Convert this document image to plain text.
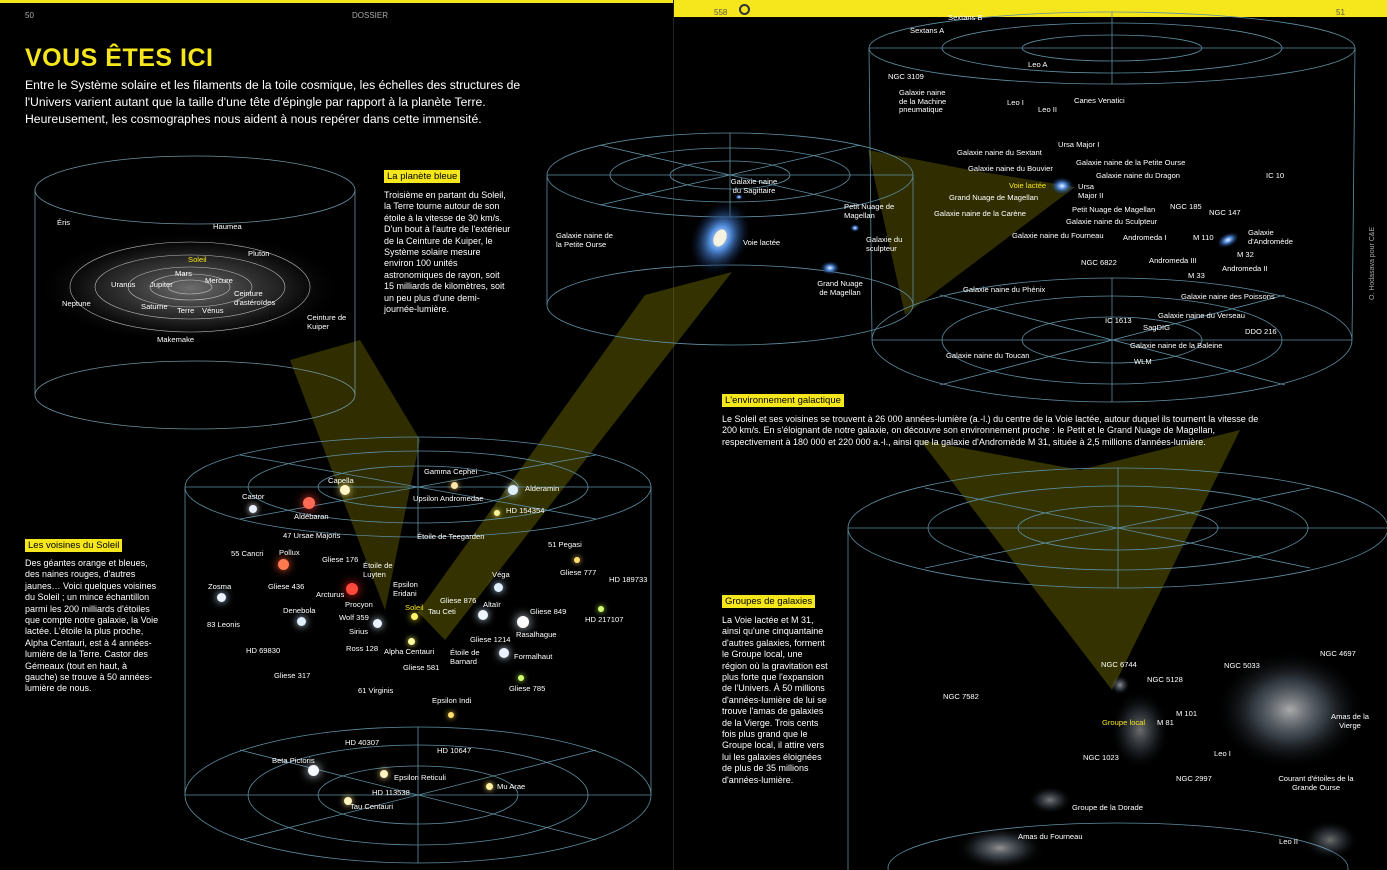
50	DOSSIER	558	51
VOUS ÊTES ICI
Entre le Système solaire et les filaments de la toile cosmique, les échelles des structures de l'Univers varient autant que la taille d'une tête d'épingle par rapport à la planète Terre. Heureusement, les cosmographes nous aident à nous repérer dans cette immensité.
La planète bleue
Troisième en partant du Soleil, la Terre tourne autour de son étoile à la vitesse de 30 km/s. D'un bout à l'autre de l'extérieur de la Ceinture de Kuiper, le Système solaire mesure environ 100 unités astronomiques de rayon, soit 15 milliards de kilomètres, soit un peu plus d'une demi-journée-lumière.
Les voisines du Soleil
Des géantes orange et bleues, des naines rouges, d'autres jaunes… Voici quelques voisines du Soleil ; un mince échantillon parmi les 200 milliards d'étoiles que compte notre galaxie, la Voie lactée. L'étoile la plus proche, Alpha Centauri, est à 4 années-lumière de la Terre. Castor des Gémeaux (tout en haut, à gauche) se trouve à 50 années-lumière de nous.
L'environnement galactique
Le Soleil et ses voisines se trouvent à 26 000 années-lumière (a.-l.) du centre de la Voie lactée, autour duquel ils tournent la vitesse de 200 km/s. En s'éloignant de notre galaxie, on découvre son environnement proche : le Petit et le Grand Nuage de Magellan, respectivement à 180 000 et 220 000 a.-l., ainsi que la galaxie d'Andromède M 31, située à 2,5 millions d'années-lumière.
Groupes de galaxies
La Voie lactée et M 31, ainsi qu'une cinquantaine d'autres galaxies, forment le Groupe local, une région où la gravitation est plus forte que l'expansion de l'Univers. À 50 millions d'années-lumière de lui se trouve l'amas de galaxies de la Vierge. Trois cents fois plus grand que le Groupe local, il attire vers lui les galaxies éloignées de plus de 35 millions d'années-lumière.
O. Hodasava pour C&E
Éris	Haumea
Pluton
Soleil
Mars
Mercure
Uranus Jupiter
Ceinture d'astéroïdes
Neptune	Saturne Terre Vénus
Ceinture de Kuiper
Makemake
Galaxie naine du Sagittaire
Galaxie naine de la Petite Ourse	Voie lactée
Petit Nuage de Magellan
Galaxie du sculpteur
Grand Nuage de Magellan
Capella
Gamma Cephei
Castor
Alderamin
Upsilon Andromedae
Aldébaran
HD 154354
47 Ursae Majoris	Étoile de Teegarden
55 Cancri Pollux
Gliese 176
Étoile de Luyten
51 Pegasi
Gliese 436
Gliese 777
Véga
HD 189733
Zosma
Arcturus
Epsilon Eridani
Gliese 876
Procyon	Soleil Tau Ceti
Altaïr
Gliese 849
Denebola
Wolf 359	HD 217107
83 Leonis
Sirius	Rasalhague
Gliese 1214
HD 69830	Ross 128 Alpha Centauri Étoile de Barnard
Formalhaut
Gliese 581
Gliese 317
61 Virginis	Gliese 785
Epsilon Indi
HD 40307
HD 10647
Beta Pictoris
Epsilon Reticuli
HD 113538
Mu Arae
Tau Centauri
Sextans B
Sextans A
Leo A
NGC 3109
Galaxie naine de la Machine pneumatique
Leo I
Leo II
Canes Venatici
Ursa Major I
Galaxie naine du Sextant
Galaxie naine de la Petite Ourse
Galaxie naine du Bouvier
Galaxie naine du Dragon
Voie lactée	Ursa Major II
IC 10
Grand Nuage de Magellan
Petit Nuage de Magellan NGC 185
NGC 147
Galaxie naine de la Carène
Galaxie naine du Sculpteur
Galaxie d'Andromède
Galaxie naine du Fourneau	Andromeda I	M 110
M 32
NGC 6822	Andromeda III
Andromeda II
M 33
Galaxie naine du Phénix
Galaxie naine des Poissons
IC 1613
Galaxie naine du Verseau
SagDIG	DDO 216
Galaxie naine de la Baleine
Galaxie naine du Toucan
WLM
NGC 4697
NGC 6744	NGC 5033
NGC 5128
NGC 7582
Groupe local
M 101
M 81
Amas de la Vierge
Leo I
NGC 1023
NGC 2997	Courant d'étoiles de la Grande Ourse
Groupe de la Dorade
Amas du Fourneau
Leo II
